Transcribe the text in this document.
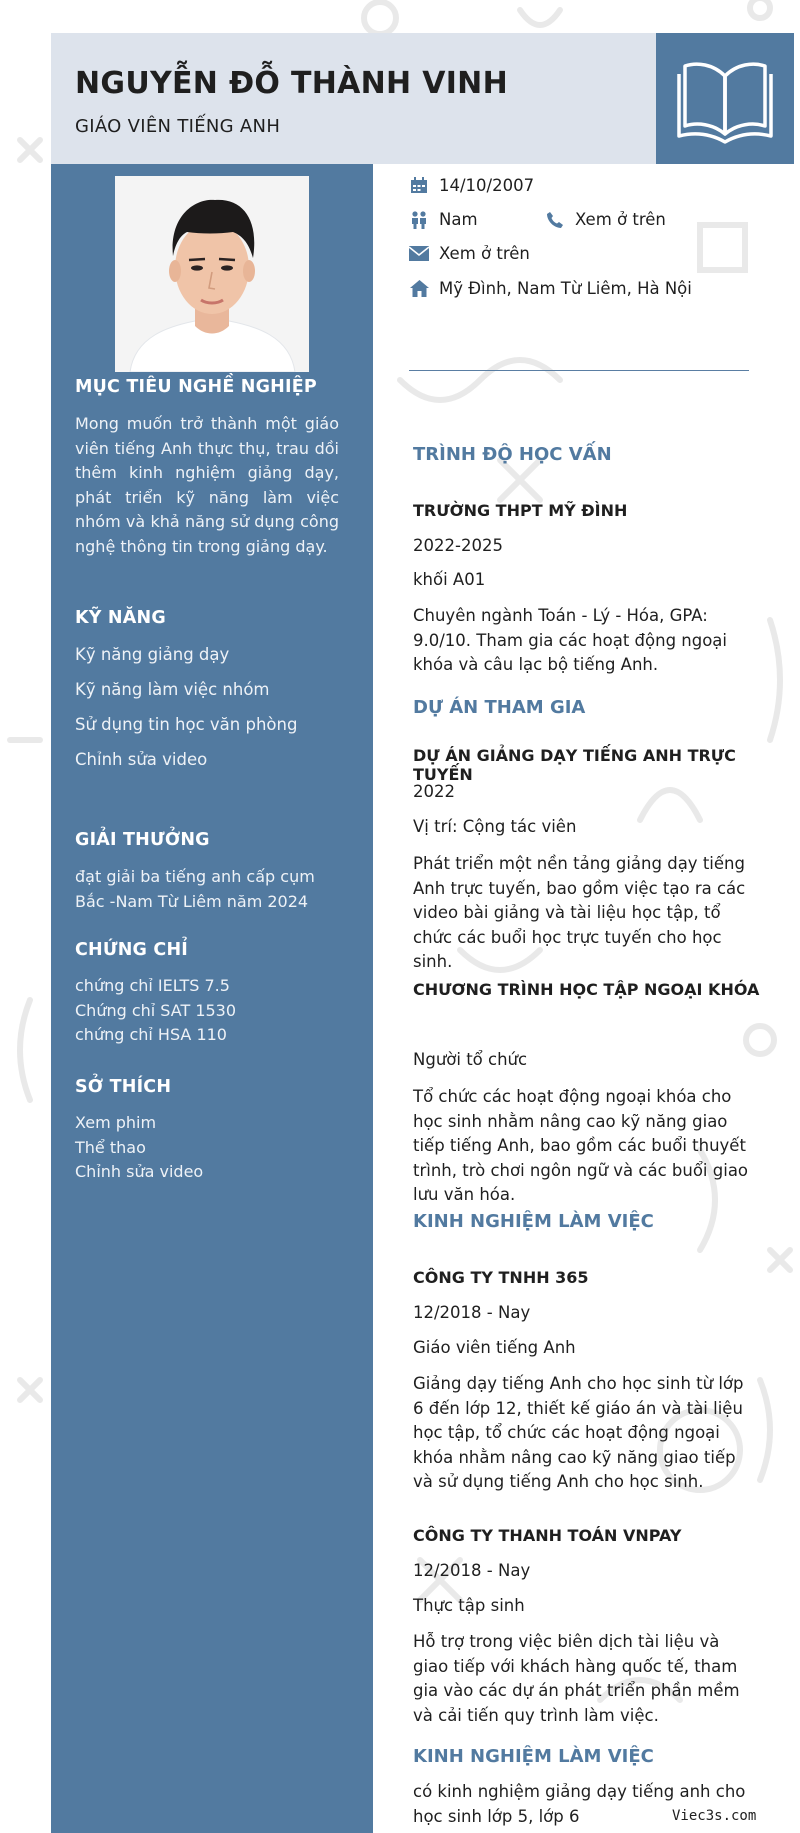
NGUYỄN ĐỖ THÀNH VINH
GIÁO VIÊN TIẾNG ANH
MỤC TIÊU NGHỀ NGHIỆP
Mong muốn trở thành một giáo viên tiếng Anh thực thụ, trau dồi thêm kinh nghiệm giảng dạy, phát triển kỹ năng làm việc nhóm và khả năng sử dụng công nghệ thông tin trong giảng dạy.
KỸ NĂNG
Kỹ năng giảng dạy
Kỹ năng làm việc nhóm
Sử dụng tin học văn phòng
Chỉnh sửa video
GIẢI THƯỞNG
đạt giải ba tiếng anh cấp cụm Bắc -Nam Từ Liêm năm 2024
CHỨNG CHỈ
chứng chỉ IELTS 7.5
Chứng chỉ SAT 1530
chứng chỉ HSA 110
SỞ THÍCH
Xem phim
Thể thao
Chỉnh sửa video
14/10/2007
Nam	Xem ở trên
Xem ở trên
Mỹ Đình, Nam Từ Liêm, Hà Nội
TRÌNH ĐỘ HỌC VẤN
TRƯỜNG THPT MỸ ĐÌNH
2022-2025
khối A01
Chuyên ngành Toán - Lý - Hóa, GPA: 9.0/10. Tham gia các hoạt động ngoại khóa và câu lạc bộ tiếng Anh.
DỰ ÁN THAM GIA
DỰ ÁN GIẢNG DẠY TIẾNG ANH TRỰC TUYẾN
2022
Vị trí: Cộng tác viên
Phát triển một nền tảng giảng dạy tiếng Anh trực tuyến, bao gồm việc tạo ra các video bài giảng và tài liệu học tập, tổ chức các buổi học trực tuyến cho học sinh.
CHƯƠNG TRÌNH HỌC TẬP NGOẠI KHÓA
Người tổ chức
Tổ chức các hoạt động ngoại khóa cho học sinh nhằm nâng cao kỹ năng giao tiếp tiếng Anh, bao gồm các buổi thuyết trình, trò chơi ngôn ngữ và các buổi giao lưu văn hóa.
KINH NGHIỆM LÀM VIỆC
CÔNG TY TNHH 365
12/2018 - Nay
Giáo viên tiếng Anh
Giảng dạy tiếng Anh cho học sinh từ lớp 6 đến lớp 12, thiết kế giáo án và tài liệu học tập, tổ chức các hoạt động ngoại khóa nhằm nâng cao kỹ năng giao tiếp và sử dụng tiếng Anh cho học sinh.
CÔNG TY THANH TOÁN VNPAY
12/2018 - Nay
Thực tập sinh
Hỗ trợ trong việc biên dịch tài liệu và giao tiếp với khách hàng quốc tế, tham gia vào các dự án phát triển phần mềm và cải tiến quy trình làm việc.
KINH NGHIỆM LÀM VIỆC
có kinh nghiệm giảng dạy tiếng anh cho học sinh lớp 5, lớp 6	Viec3s.com
